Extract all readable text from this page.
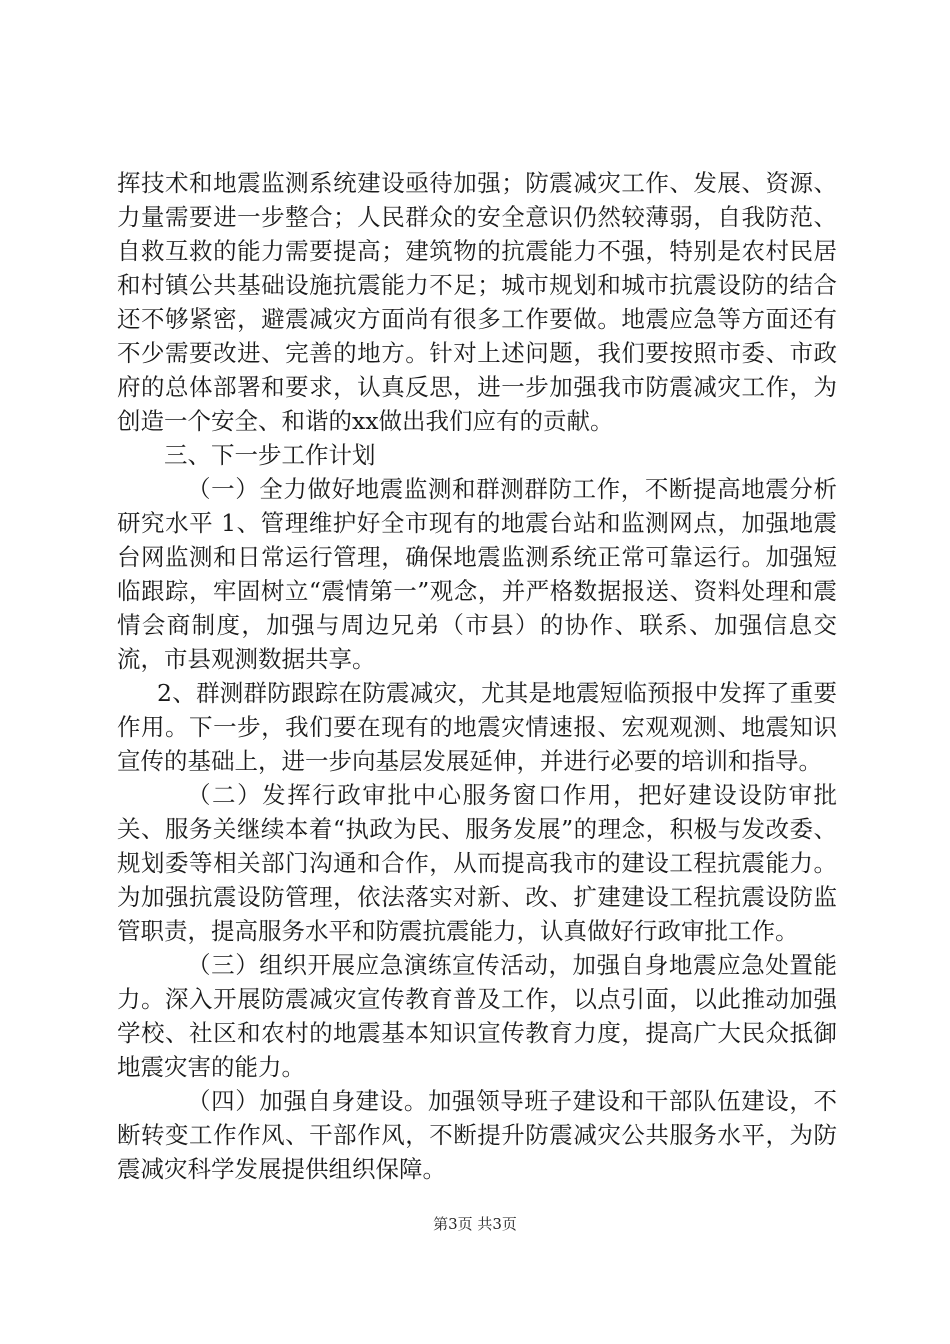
挥技术和地震监测系统建设亟待加强；防震减灾工作、发展、资源、力量需要进一步整合；人民群众的安全意识仍然较薄弱，自我防范、自救互救的能力需要提高；建筑物的抗震能力不强，特别是农村民居和村镇公共基础设施抗震能力不足；城市规划和城市抗震设防的结合还不够紧密，避震减灾方面尚有很多工作要做。地震应急等方面还有不少需要改进、完善的地方。针对上述问题，我们要按照市委、市政府的总体部署和要求，认真反思，进一步加强我市防震减灾工作，为创造一个安全、和谐的xx做出我们应有的贡献。

三、下一步工作计划

（一）全力做好地震监测和群测群防工作，不断提高地震分析研究水平 1、管理维护好全市现有的地震台站和监测网点，加强地震台网监测和日常运行管理，确保地震监测系统正常可靠运行。加强短临跟踪，牢固树立“震情第一”观念，并严格数据报送、资料处理和震情会商制度，加强与周边兄弟（市县）的协作、联系、加强信息交流，市县观测数据共享。

2、群测群防跟踪在防震减灾，尤其是地震短临预报中发挥了重要作用。下一步，我们要在现有的地震灾情速报、宏观观测、地震知识宣传的基础上，进一步向基层发展延伸，并进行必要的培训和指导。

（二）发挥行政审批中心服务窗口作用，把好建设设防审批关、服务关继续本着“执政为民、服务发展”的理念，积极与发改委、规划委等相关部门沟通和合作，从而提高我市的建设工程抗震能力。为加强抗震设防管理，依法落实对新、改、扩建建设工程抗震设防监管职责，提高服务水平和防震抗震能力，认真做好行政审批工作。

（三）组织开展应急演练宣传活动，加强自身地震应急处置能力。深入开展防震减灾宣传教育普及工作，以点引面，以此推动加强学校、社区和农村的地震基本知识宣传教育力度，提高广大民众抵御地震灾害的能力。

（四）加强自身建设。加强领导班子建设和干部队伍建设，不断转变工作作风、干部作风，不断提升防震减灾公共服务水平，为防震减灾科学发展提供组织保障。

第3页 共3页
